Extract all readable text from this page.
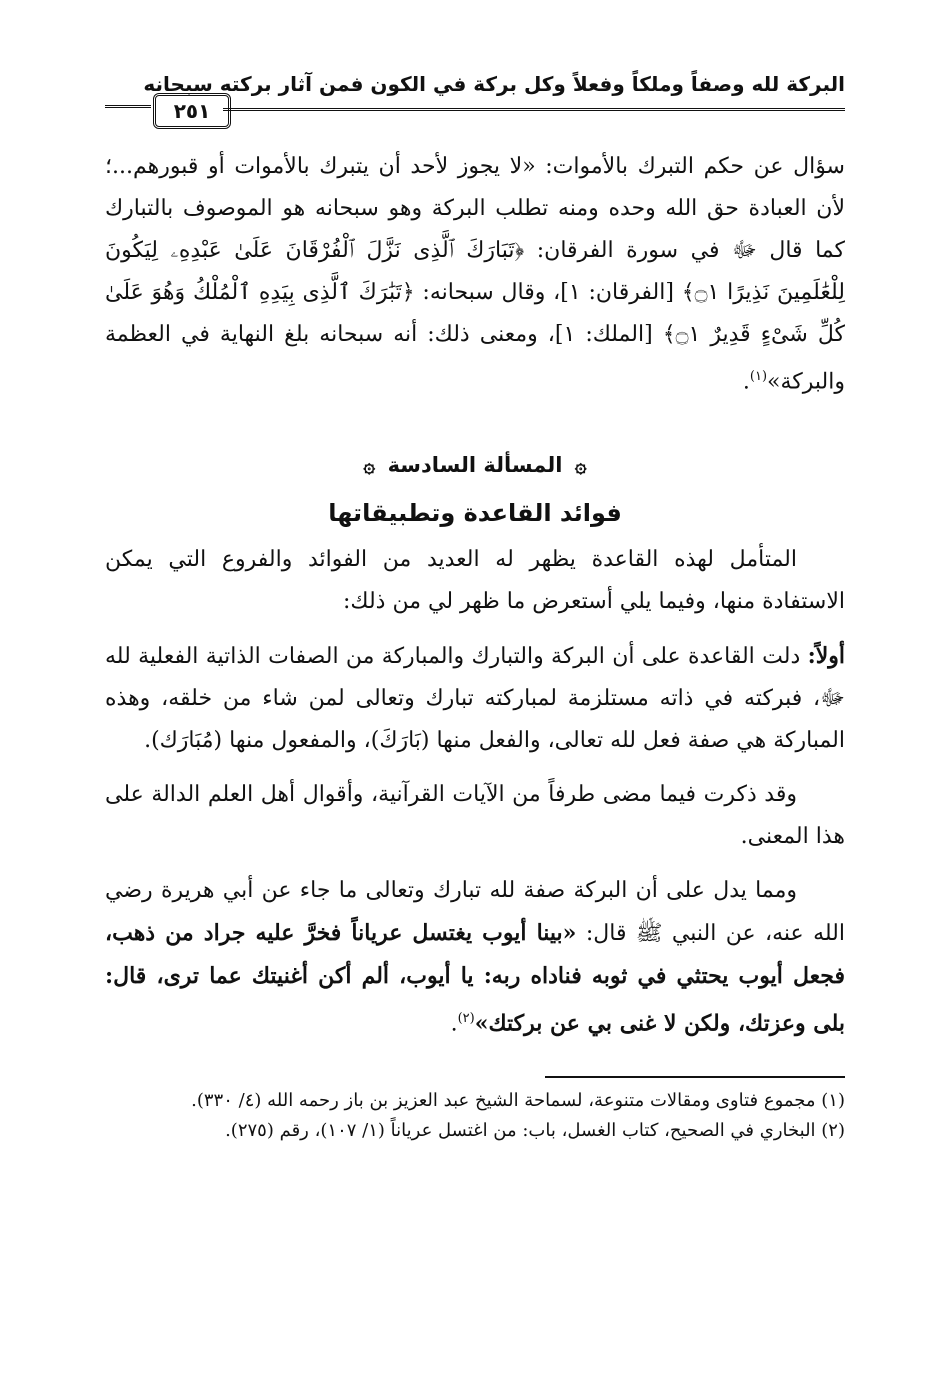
البركة لله وصفاً وملكاً وفعلاً وكل بركة في الكون فمن آثار بركته سبحانه
٢٥١

سؤال عن حكم التبرك بالأموات: «لا يجوز لأحد أن يتبرك بالأموات أو قبورهم...؛ لأن العبادة حق الله وحده ومنه تطلب البركة وهو سبحانه هو الموصوف بالتبارك كما قال ﷻ في سورة الفرقان: ﴿تَبَارَكَ ٱلَّذِى نَزَّلَ ٱلْفُرْقَانَ عَلَىٰ عَبْدِهِۦ لِيَكُونَ لِلْعَٰلَمِينَ نَذِيرًا ۝١﴾ [الفرقان: ١]، وقال سبحانه: ﴿تَبَٰرَكَ ٱلَّذِى بِيَدِهِ ٱلْمُلْكُ وَهُوَ عَلَىٰ كُلِّ شَىْءٍ قَدِيرٌ ۝١﴾ [الملك: ١]، ومعنى ذلك: أنه سبحانه بلغ النهاية في العظمة والبركة»$^{(١)}$.

۞ المسألة السادسة ۞
فوائد القاعدة وتطبيقاتها

المتأمل لهذه القاعدة يظهر له العديد من الفوائد والفروع التي يمكن الاستفادة منها، وفيما يلي أستعرض ما ظهر لي من ذلك:

أولاً: دلت القاعدة على أن البركة والتبارك والمباركة من الصفات الذاتية الفعلية لله ﷻ، فبركته في ذاته مستلزمة لمباركته تبارك وتعالى لمن شاء من خلقه، وهذه المباركة هي صفة فعل لله تعالى، والفعل منها (بَارَكَ)، والمفعول منها (مُبَارَك).

وقد ذكرت فيما مضى طرفاً من الآيات القرآنية، وأقوال أهل العلم الدالة على هذا المعنى.

ومما يدل على أن البركة صفة لله تبارك وتعالى ما جاء عن أبي هريرة رضي الله عنه، عن النبي ﷺ قال: «بينا أيوب يغتسل عرياناً فخرَّ عليه جراد من ذهب، فجعل أيوب يحتثي في ثوبه فناداه ربه: يا أيوب، ألم أكن أغنيتك عما ترى، قال: بلى وعزتك، ولكن لا غنى بي عن بركتك»$^{(٢)}$.

(١) مجموع فتاوى ومقالات متنوعة، لسماحة الشيخ عبد العزيز بن باز رحمه الله (٤/ ٣٣٠).

(٢) البخاري في الصحيح، كتاب الغسل، باب: من اغتسل عرياناً (١/ ١٠٧)، رقم (٢٧٥).
